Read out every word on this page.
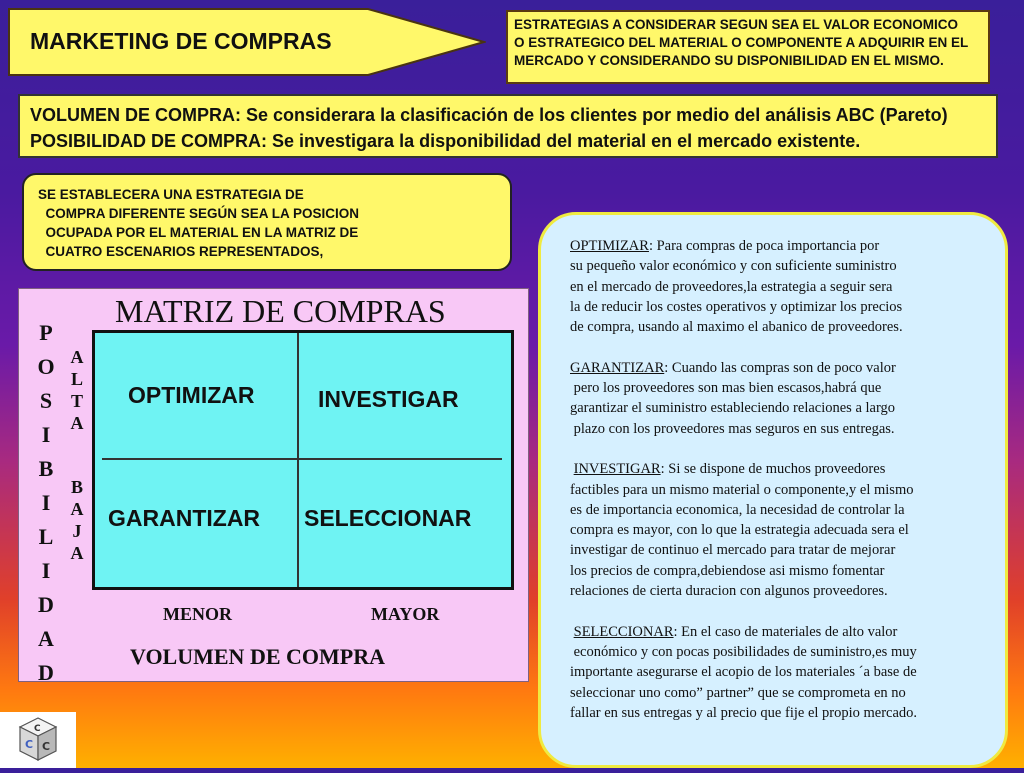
MARKETING DE COMPRAS
ESTRATEGIAS A CONSIDERAR SEGUN SEA EL VALOR ECONOMICO
O ESTRATEGICO DEL MATERIAL O COMPONENTE A ADQUIRIR EN EL
MERCADO Y CONSIDERANDO SU DISPONIBILIDAD EN EL MISMO.
VOLUMEN DE COMPRA: Se considerara la clasificación de los clientes por medio del análisis ABC (Pareto)
POSIBILIDAD DE COMPRA: Se investigara la disponibilidad del material en el mercado existente.
SE ESTABLECERA UNA ESTRATEGIA DE
COMPRA DIFERENTE SEGÚN SEA LA POSICION
OCUPADA POR EL MATERIAL EN LA MATRIZ DE
CUATRO ESCENARIOS REPRESENTADOS,
MATRIZ DE COMPRAS
P
O
S
I
B
I
L
I
D
A
D
A
L
T
A
B
A
J
A
OPTIMIZAR	INVESTIGAR
GARANTIZAR SELECCIONAR
MENOR	MAYOR
VOLUMEN DE COMPRA
OPTIMIZAR: Para compras de poca importancia por
su pequeño valor económico y con suficiente suministro
en el mercado de proveedores,la estrategia a seguir sera
la de reducir los costes operativos y optimizar los precios
de compra, usando al maximo el abanico de proveedores.
GARANTIZAR: Cuando las compras son de poco valor
pero los proveedores son mas bien escasos,habrá que
garantizar el suministro estableciendo relaciones a largo
plazo con los proveedores mas seguros en sus entregas.
INVESTIGAR: Si se dispone de muchos proveedores
factibles para un mismo material o componente,y el mismo
es de importancia economica, la necesidad de controlar la
compra es mayor, con lo que la estrategia adecuada sera el
investigar de continuo el mercado para tratar de mejorar
los precios de compra,debiendose asi mismo fomentar
relaciones de cierta duracion con algunos proveedores.
SELECCIONAR: En el caso de materiales de alto valor
económico y con pocas posibilidades de suministro,es muy
importante asegurarse el acopio de los materiales ´a base de
seleccionar uno como” partner” que se comprometa en no
fallar en sus entregas y al precio que fije el propio mercado.
C
C C
